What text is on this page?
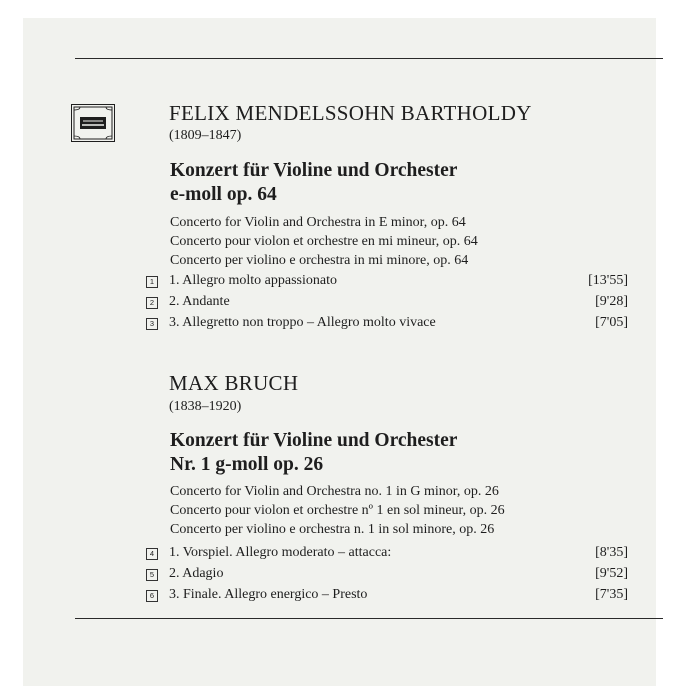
FELIX MENDELSSOHN BARTHOLDY
(1809–1847)
Konzert für Violine und Orchester
e-moll op. 64
Concerto for Violin and Orchestra in E minor, op. 64
Concerto pour violon et orchestre en mi mineur, op. 64
Concerto per violino e orchestra in mi minore, op. 64
1 1. Allegro molto appassionato	[13'55]
2 2. Andante	[9'28]
3 3. Allegretto non troppo – Allegro molto vivace	[7'05]
MAX BRUCH
(1838–1920)
Konzert für Violine und Orchester
Nr. 1 g-moll op. 26
Concerto for Violin and Orchestra no. 1 in G minor, op. 26
Concerto pour violon et orchestre nº 1 en sol mineur, op. 26
Concerto per violino e orchestra n. 1 in sol minore, op. 26
4 1. Vorspiel. Allegro moderato – attacca:	[8'35]
5 2. Adagio	[9'52]
6 3. Finale. Allegro energico – Presto	[7'35]
